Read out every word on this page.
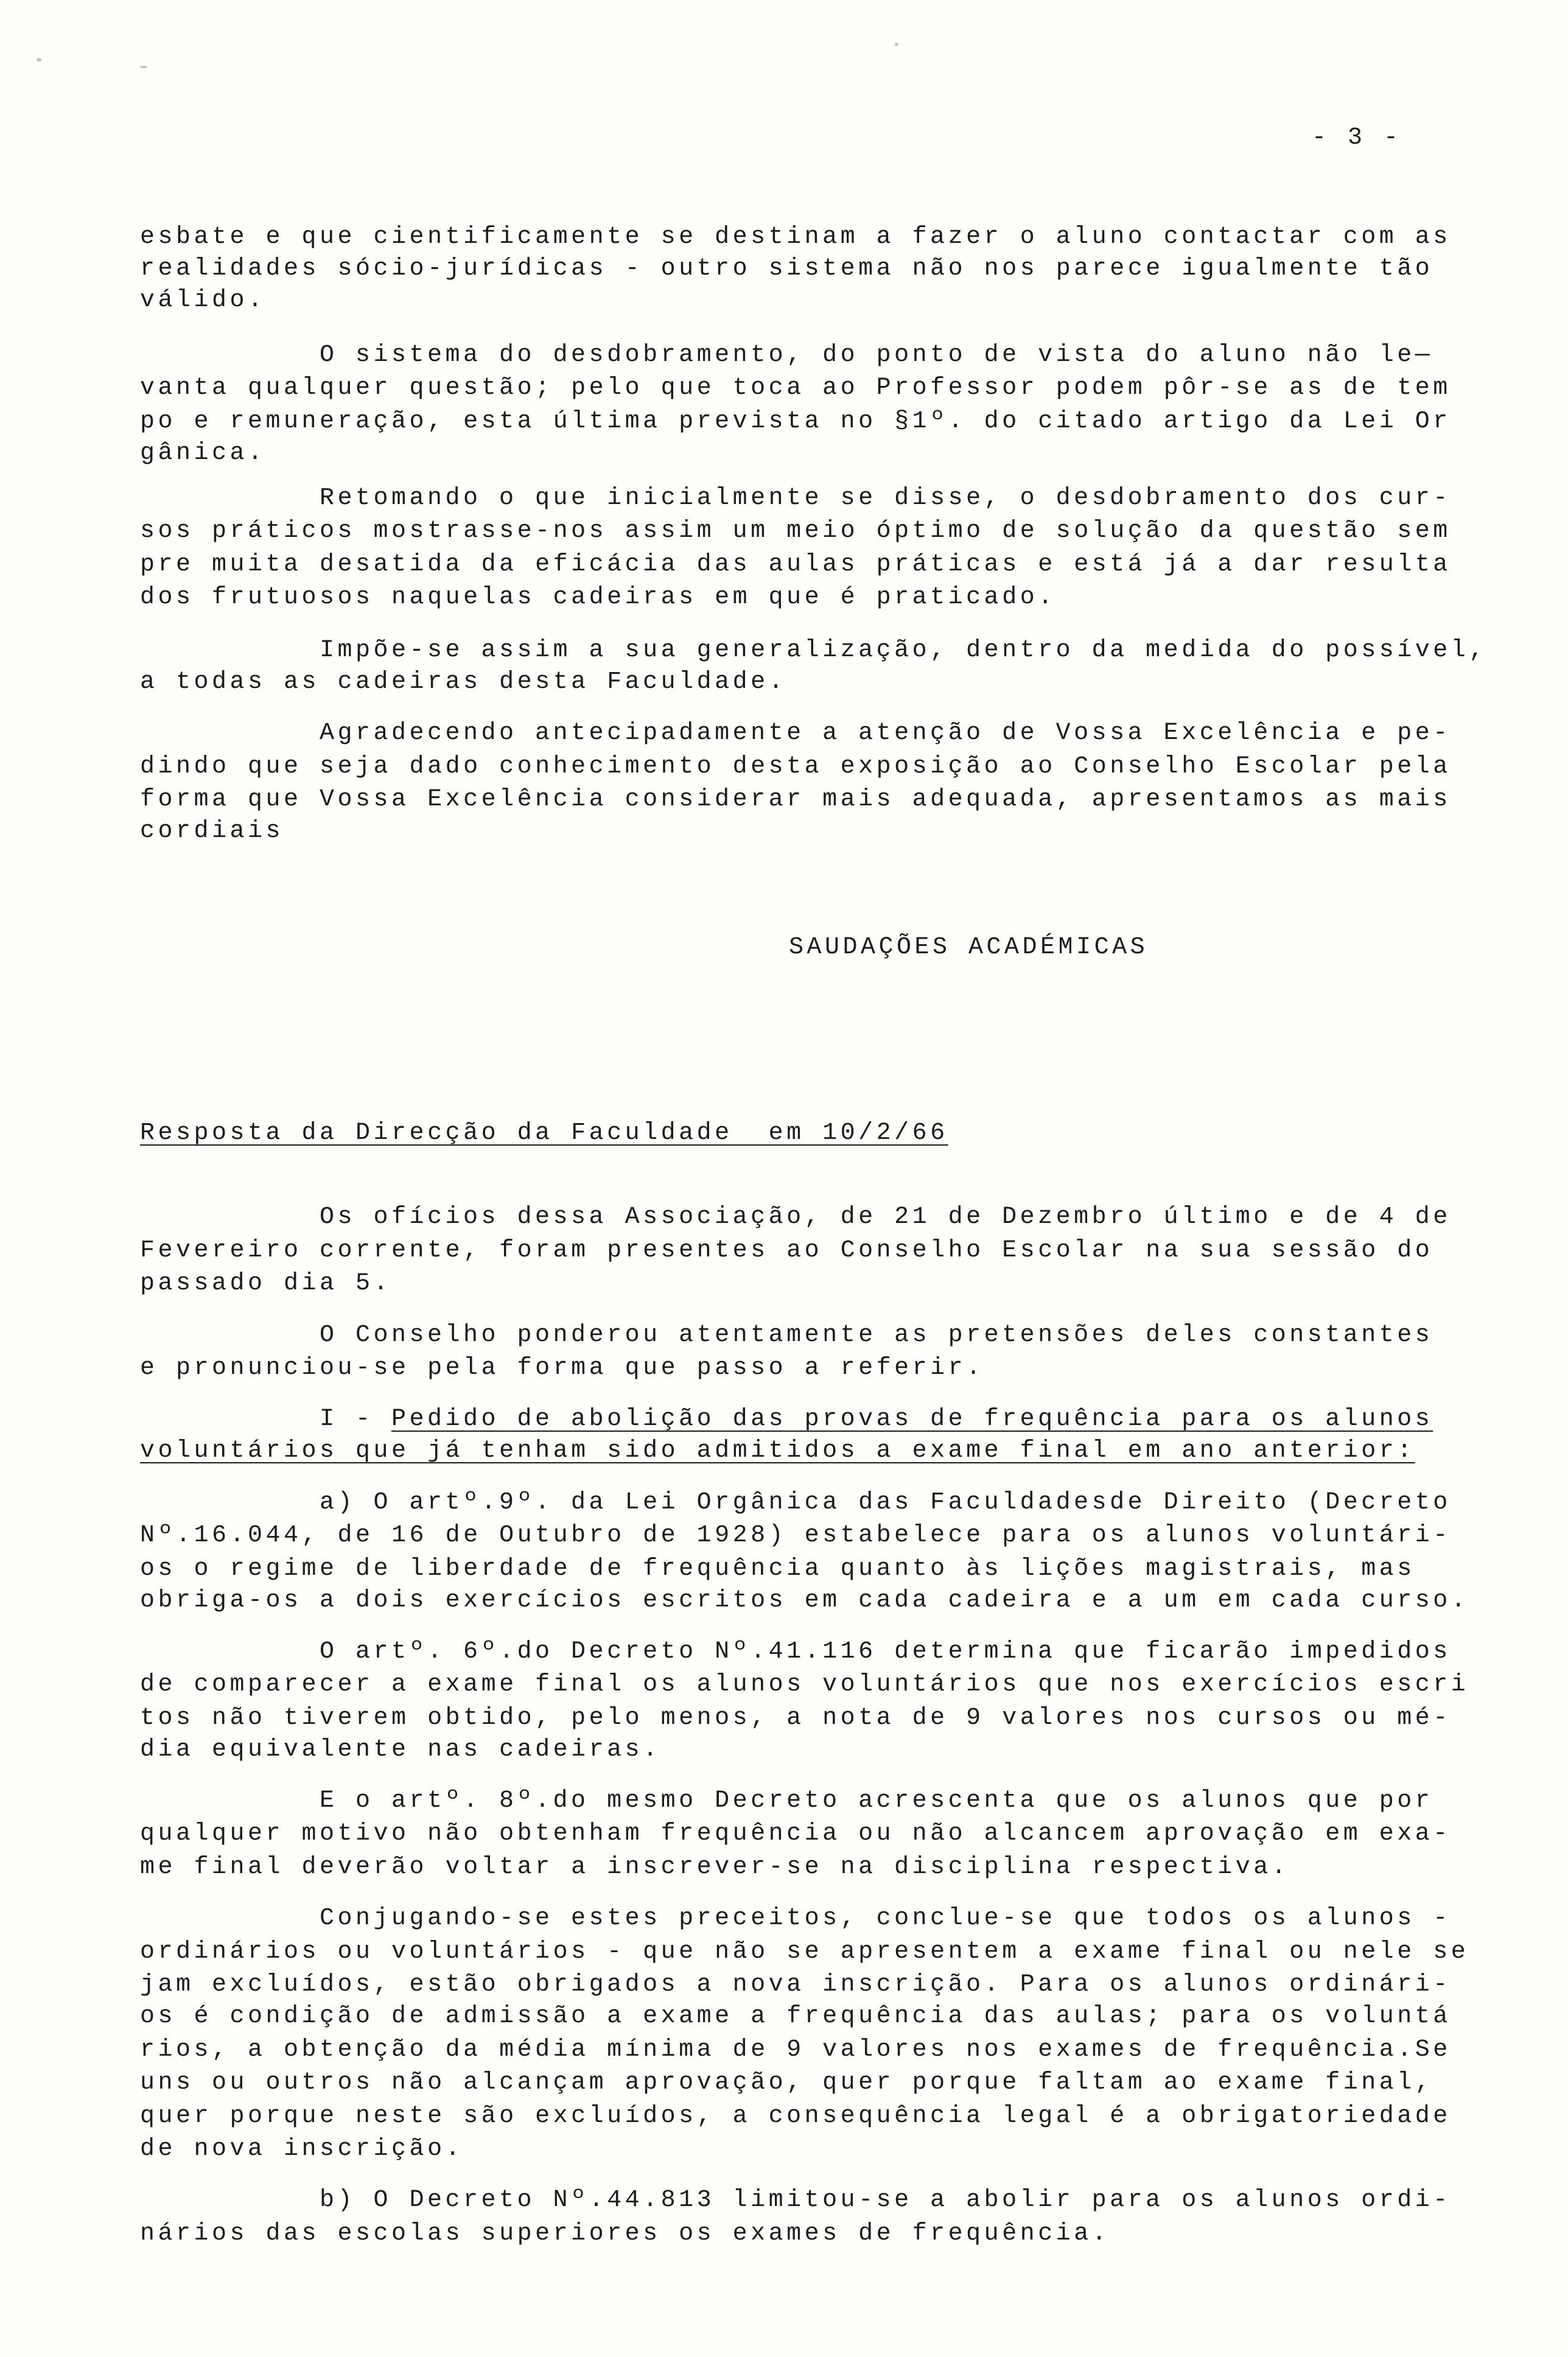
- 3 -
esbate e que cientificamente se destinam a fazer o aluno contactar com as
realidades sócio-jurídicas - outro sistema não nos parece igualmente tão
válido.
O sistema do desdobramento, do ponto de vista do aluno não le—
vanta qualquer questão; pelo que toca ao Professor podem pôr-se as de tem
po e remuneração, esta última prevista no §1º. do citado artigo da Lei Or
gânica.
Retomando o que inicialmente se disse, o desdobramento dos cur-
sos práticos mostrasse-nos assim um meio óptimo de solução da questão sem
pre muita desatida da eficácia das aulas práticas e está já a dar resulta
dos frutuosos naquelas cadeiras em que é praticado.
Impõe-se assim a sua generalização, dentro da medida do possível,
a todas as cadeiras desta Faculdade.
Agradecendo antecipadamente a atenção de Vossa Excelência e pe-
dindo que seja dado conhecimento desta exposição ao Conselho Escolar pela
forma que Vossa Excelência considerar mais adequada, apresentamos as mais
cordiais
SAUDAÇÕES ACADÉMICAS
Resposta da Direcção da Faculdade  em 10/2/66
Os ofícios dessa Associação, de 21 de Dezembro último e de 4 de
Fevereiro corrente, foram presentes ao Conselho Escolar na sua sessão do
passado dia 5.
O Conselho ponderou atentamente as pretensões deles constantes
e pronunciou-se pela forma que passo a referir.
I - Pedido de abolição das provas de frequência para os alunos
voluntários que já tenham sido admitidos a exame final em ano anterior:
a) O artº.9º. da Lei Orgânica das Faculdadesde Direito (Decreto
Nº.16.044, de 16 de Outubro de 1928) estabelece para os alunos voluntári-
os o regime de liberdade de frequência quanto às lições magistrais, mas
obriga-os a dois exercícios escritos em cada cadeira e a um em cada curso.
O artº. 6º.do Decreto Nº.41.116 determina que ficarão impedidos
de comparecer a exame final os alunos voluntários que nos exercícios escri
tos não tiverem obtido, pelo menos, a nota de 9 valores nos cursos ou mé-
dia equivalente nas cadeiras.
E o artº. 8º.do mesmo Decreto acrescenta que os alunos que por
qualquer motivo não obtenham frequência ou não alcancem aprovação em exa-
me final deverão voltar a inscrever-se na disciplina respectiva.
Conjugando-se estes preceitos, conclue-se que todos os alunos -
ordinários ou voluntários - que não se apresentem a exame final ou nele se
jam excluídos, estão obrigados a nova inscrição. Para os alunos ordinári-
os é condição de admissão a exame a frequência das aulas; para os voluntá
rios, a obtenção da média mínima de 9 valores nos exames de frequência.Se
uns ou outros não alcançam aprovação, quer porque faltam ao exame final,
quer porque neste são excluídos, a consequência legal é a obrigatoriedade
de nova inscrição.
b) O Decreto Nº.44.813 limitou-se a abolir para os alunos ordi-
nários das escolas superiores os exames de frequência.
